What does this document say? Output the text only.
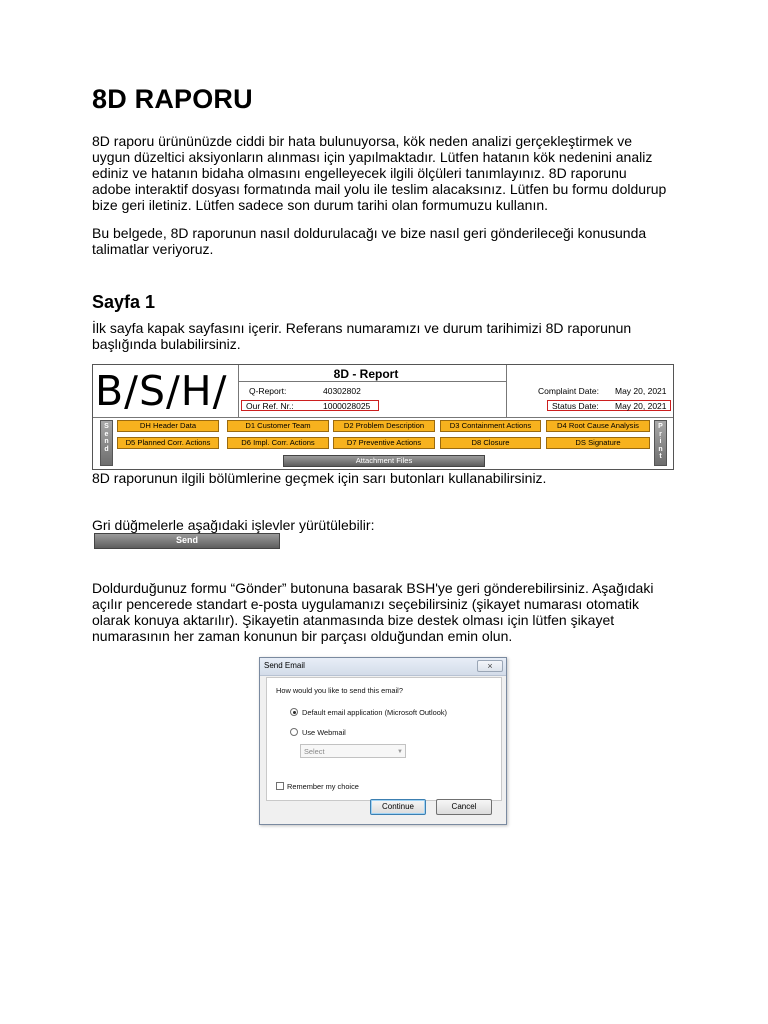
8D RAPORU
8D raporu ürününüzde ciddi bir hata bulunuyorsa, kök neden analizi gerçekleştirmek ve
uygun düzeltici aksiyonların alınması için yapılmaktadır. Lütfen hatanın kök nedenini analiz
ediniz ve hatanın bidaha olmasını engelleyecek ilgili ölçüleri tanımlayınız. 8D raporunu
adobe interaktif dosyası formatında mail yolu ile teslim alacaksınız. Lütfen bu formu doldurup
bize geri iletiniz. Lütfen sadece son durum tarihi olan formumuzu kullanın.
Bu belgede, 8D raporunun nasıl doldurulacağı ve bize nasıl geri gönderileceği konusunda
talimatlar veriyoruz.
Sayfa 1
İlk sayfa kapak sayfasını içerir. Referans numaramızı ve durum tarihimizi 8D raporunun
başlığında bulabilirsiniz.
B/S/H/	8D - Report
Q-Report:	40302802
Our Ref. Nr.:	1000028025
Complaint Date: May 20, 2021
Status Date: May 20, 2021
S
e
n
d
P
r
i
n
t
DH Header Data	D1 Customer Team	D2 Problem Description	D3 Containment Actions	D4 Root Cause Analysis
D5 Planned Corr. Actions	D6 Impl. Corr. Actions	D7 Preventive Actions	D8 Closure	DS Signature
Attachment Files
8D raporunun ilgili bölümlerine geçmek için sarı butonları kullanabilirsiniz.
Gri düğmelerle aşağıdaki işlevler yürütülebilir:
Send
Doldurduğunuz formu “Gönder” butonuna basarak BSH'ye geri gönderebilirsiniz. Aşağıdaki
açılır pencerede standart e-posta uygulamanızı seçebilirsiniz (şikayet numarası otomatik
olarak konuya aktarılır). Şikayetin atanmasında bize destek olması için lütfen şikayet
numarasının her zaman konunun bir parçası olduğundan emin olun.
Send Email	×
How would you like to send this email?
Default email application (Microsoft Outlook)
Use Webmail
Select	▼
Remember my choice
Continue	Cancel
